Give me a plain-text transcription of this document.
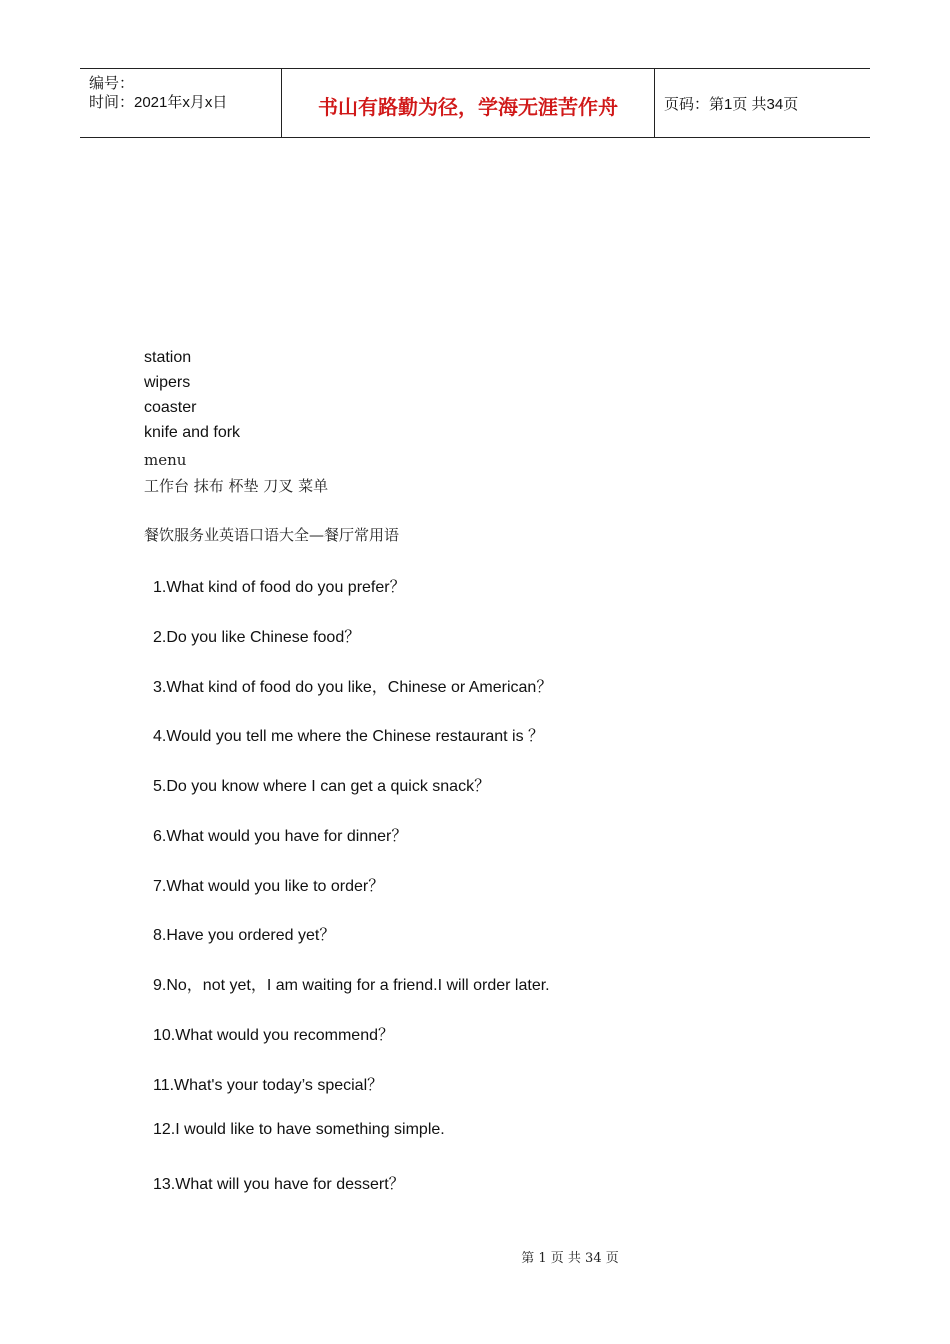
编号：
时间：2021年x月x日	书山有路勤为径，学海无涯苦作舟	页码：第1页 共34页
station
wipers
coaster
knife and fork
menu
工作台 抹布 杯垫 刀叉 菜单
餐饮服务业英语口语大全—餐厅常用语
1.What kind of food do you prefer？
2.Do you like Chinese food？
3.What kind of food do you like，Chinese or American？
4.Would you tell me where the Chinese restaurant is ？
5.Do you know where I can get a quick snack？
6.What would you have for dinner？
7.What would you like to order？
8.Have you ordered yet？
9.No，not yet，I am waiting for a friend.I will order later.
10.What would you recommend？
11.What's your today’s special？
12.I would like to have something simple.
13.What will you have for dessert？
第 1 页 共 34 页
